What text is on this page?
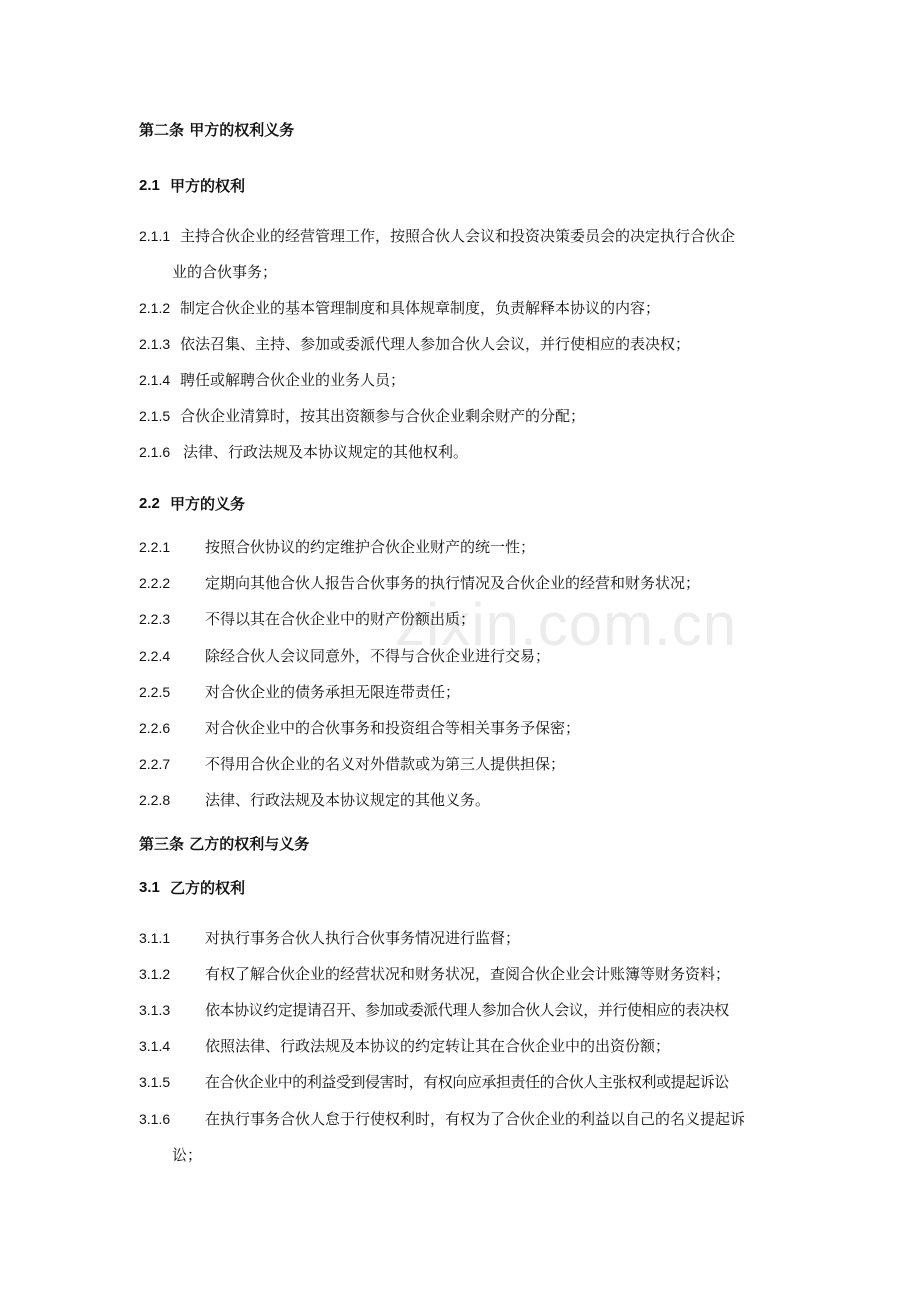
zixin.com.cn
第二条 甲方的权利义务
2.1 甲方的权利
2.1.1 主持合伙企业的经营管理工作，按照合伙人会议和投资决策委员会的决定执行合伙企
业的合伙事务；
2.1.2 制定合伙企业的基本管理制度和具体规章制度，负责解释本协议的内容；
2.1.3 依法召集、主持、参加或委派代理人参加合伙人会议，并行使相应的表决权；
2.1.4 聘任或解聘合伙企业的业务人员；
2.1.5 合伙企业清算时，按其出资额参与合伙企业剩余财产的分配；
2.1.6 法律、行政法规及本协议规定的其他权利。
2.2 甲方的义务
2.2.1 按照合伙协议的约定维护合伙企业财产的统一性；
2.2.2 定期向其他合伙人报告合伙事务的执行情况及合伙企业的经营和财务状况；
2.2.3 不得以其在合伙企业中的财产份额出质；
2.2.4 除经合伙人会议同意外，不得与合伙企业进行交易；
2.2.5 对合伙企业的债务承担无限连带责任；
2.2.6 对合伙企业中的合伙事务和投资组合等相关事务予保密；
2.2.7 不得用合伙企业的名义对外借款或为第三人提供担保；
2.2.8 法律、行政法规及本协议规定的其他义务。
第三条 乙方的权利与义务
3.1 乙方的权利
3.1.1 对执行事务合伙人执行合伙事务情况进行监督；
3.1.2 有权了解合伙企业的经营状况和财务状况，查阅合伙企业会计账簿等财务资料；
3.1.3 依本协议约定提请召开、参加或委派代理人参加合伙人会议，并行使相应的表决权
3.1.4 依照法律、行政法规及本协议的约定转让其在合伙企业中的出资份额；
3.1.5 在合伙企业中的利益受到侵害时，有权向应承担责任的合伙人主张权利或提起诉讼
3.1.6 在执行事务合伙人怠于行使权利时，有权为了合伙企业的利益以自己的名义提起诉
讼；
